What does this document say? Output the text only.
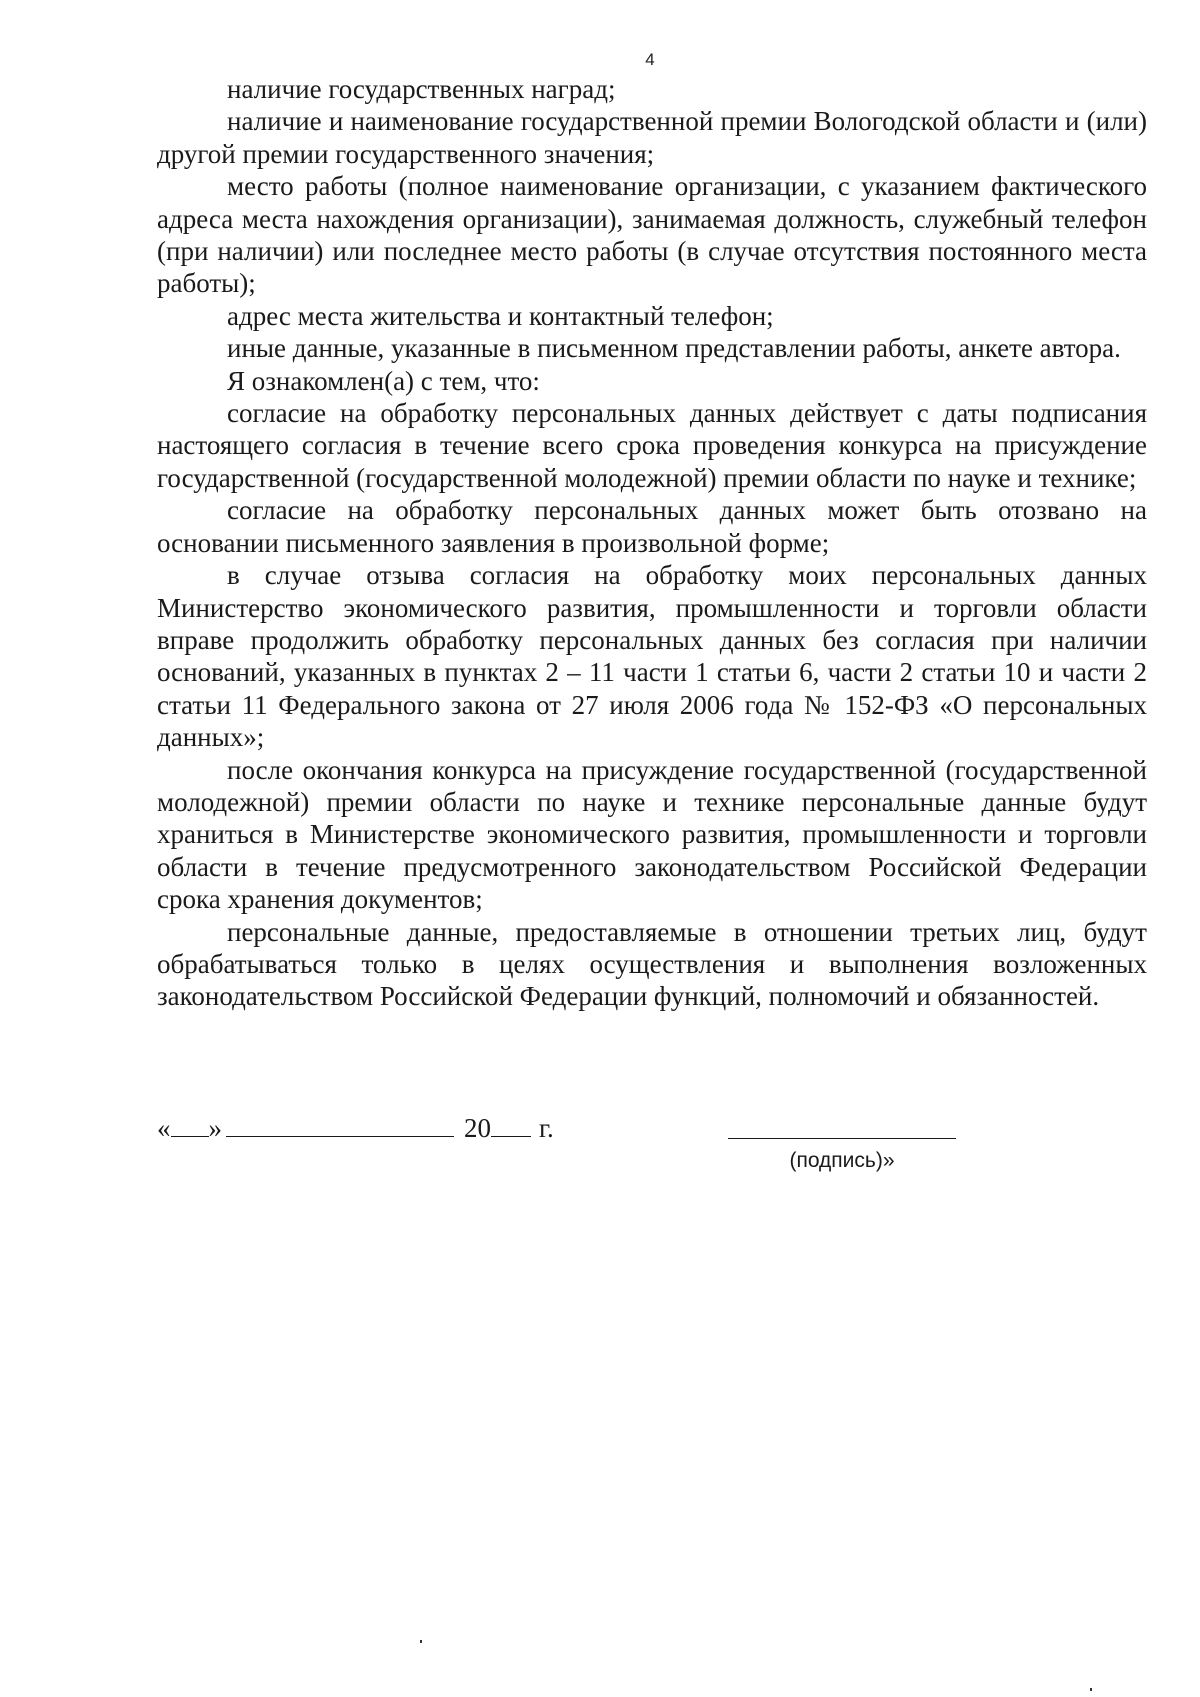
4

наличие государственных наград;

наличие и наименование государственной премии Вологодской области и (или) другой премии государственного значения;

место работы (полное наименование организации, с указанием фактического адреса места нахождения организации), занимаемая должность, служебный телефон (при наличии) или последнее место работы (в случае отсутствия постоянного места работы);

адрес места жительства и контактный телефон;

иные данные, указанные в письменном представлении работы, анкете автора.

Я ознакомлен(а) с тем, что:

согласие на обработку персональных данных действует с даты подписания настоящего согласия в течение всего срока проведения конкурса на присуждение государственной (государственной молодежной) премии области по науке и технике;

согласие на обработку персональных данных может быть отозвано на основании письменного заявления в произвольной форме;

в случае отзыва согласия на обработку моих персональных данных Министерство экономического развития, промышленности и торговли области вправе продолжить обработку персональных данных без согласия при наличии оснований, указанных в пунктах 2 – 11 части 1 статьи 6, части 2 статьи 10 и части 2 статьи 11 Федерального закона от 27 июля 2006 года № 152-ФЗ «О персональных данных»;

после окончания конкурса на присуждение государственной (государственной молодежной) премии области по науке и технике персональные данные будут храниться в Министерстве экономического развития, промышленности и торговли области в течение предусмотренного законодательством Российской Федерации срока хранения документов;

персональные данные, предоставляемые в отношении третьих лиц, будут обрабатываться только в целях осуществления и выполнения возложенных законодательством Российской Федерации функций, полномочий и обязанностей.

« »	20 г.
(подпись)»
